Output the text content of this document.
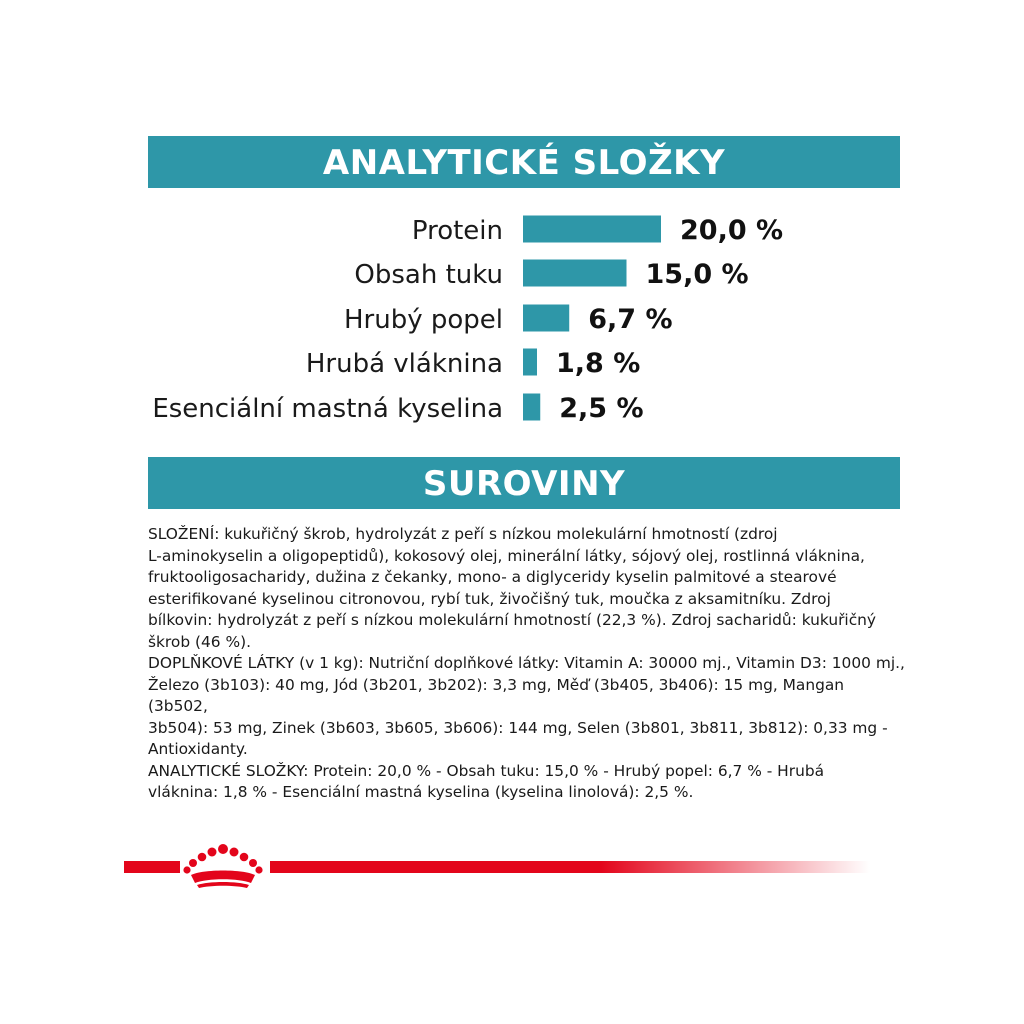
ANALYTICKÉ SLOŽKY
Protein	20,0 %
Obsah tuku	15,0 %
Hrubý popel	6,7 %
Hrubá vláknina 1,8 %
Esenciální mastná kyselina 2,5 %
SUROVINY

SLOŽENÍ: kukuřičný škrob, hydrolyzát z peří s nízkou molekulární hmotností (zdroj

L-aminokyselin a oligopeptidů), kokosový olej, minerální látky, sójový olej, rostlinná vláknina,

fruktooligosacharidy, dužina z čekanky, mono- a diglyceridy kyselin palmitové a stearové

esterifikované kyselinou citronovou, rybí tuk, živočišný tuk, moučka z aksamitníku. Zdroj

bílkovin: hydrolyzát z peří s nízkou molekulární hmotností (22,3 %). Zdroj sacharidů: kukuřičný

škrob (46 %).

DOPLŇKOVÉ LÁTKY (v 1 kg): Nutriční doplňkové látky: Vitamin A: 30000 mj., Vitamin D3: 1000 mj.,

Železo (3b103): 40 mg, Jód (3b201, 3b202): 3,3 mg, Měď (3b405, 3b406): 15 mg, Mangan (3b502,

3b504): 53 mg, Zinek (3b603, 3b605, 3b606): 144 mg, Selen (3b801, 3b811, 3b812): 0,33 mg -

Antioxidanty.

ANALYTICKÉ SLOŽKY: Protein: 20,0 % - Obsah tuku: 15,0 % - Hrubý popel: 6,7 % - Hrubá

vláknina: 1,8 % - Esenciální mastná kyselina (kyselina linolová): 2,5 %.
